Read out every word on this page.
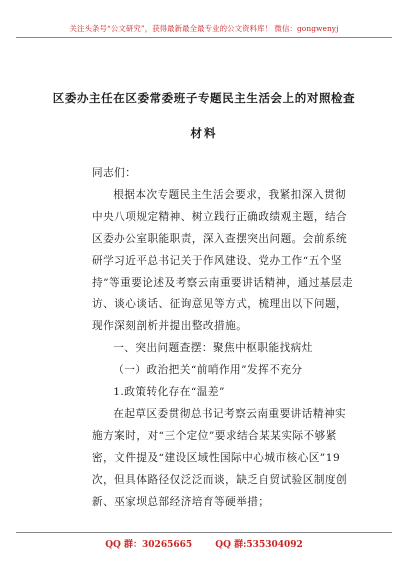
关注头条号“公文研究”，获得最新最全最专业的公文资料库！ 微信：gongwenyj
区委办主任在区委常委班子专题民主生活会上的对照检查
材料

同志们：

根据本次专题民主生活会要求，我紧扣深入贯彻中央八项规定精神、树立践行正确政绩观主题，结合区委办公室职能职责，深入查摆突出问题。会前系统研学习近平总书记关于作风建设、党办工作“五个坚持”等重要论述及考察云南重要讲话精神，通过基层走访、谈心谈话、征询意见等方式，梳理出以下问题，现作深刻剖析并提出整改措施。

一、突出问题查摆：聚焦中枢职能找病灶

（一）政治把关“前哨作用”发挥不充分

1.政策转化存在“温差”

在起草区委贯彻总书记考察云南重要讲话精神实施方案时，对“三个定位”要求结合某某实际不够紧密，文件提及“建设区域性国际中心城市核心区”19次，但具体路径仅泛泛而谈，缺乏自贸试验区制度创新、巫家坝总部经济培育等硬举措；

QQ 群：30265665	QQ 群:535304092
